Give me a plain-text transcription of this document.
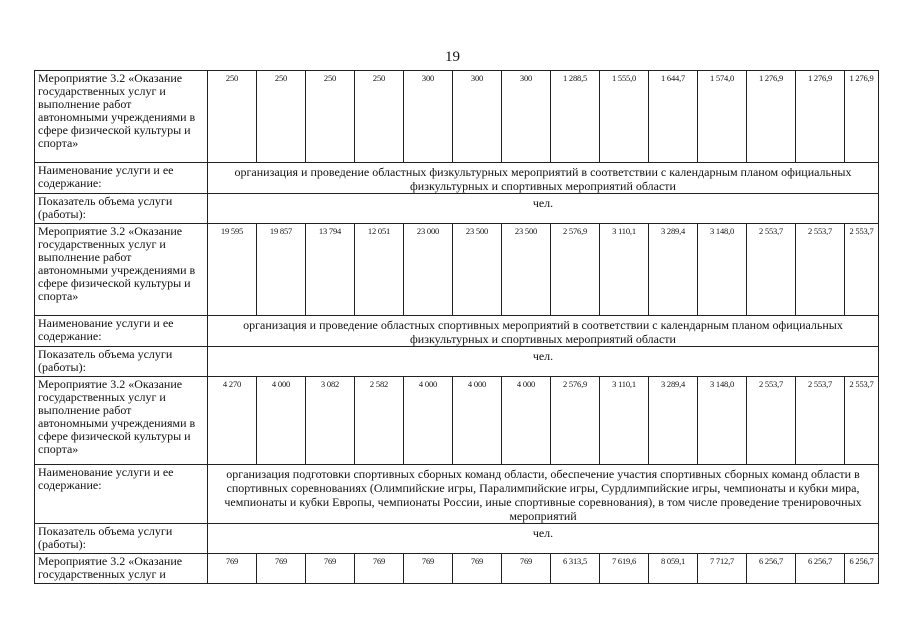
19
Мероприятие 3.2 «Оказание государственных услуг и выполнение работ автономными учреждениями в сфере физической культуры и спорта»	250	250	250	250	300	300	300	1 288,5	1 555,0	1 644,7	1 574,0	1 276,9	1 276,9	1 276,9
Наименование услуги и ее содержание:	организация и проведение областных физкультурных мероприятий в соответствии с календарным планом официальных физкультурных и спортивных мероприятий области													
Показатель объема услуги (работы):	чел.													
Мероприятие 3.2 «Оказание государственных услуг и выполнение работ автономными учреждениями в сфере физической культуры и спорта»	19 595	19 857	13 794	12 051	23 000	23 500	23 500	2 576,9	3 110,1	3 289,4	3 148,0	2 553,7	2 553,7	2 553,7
Наименование услуги и ее содержание:	организация и проведение областных спортивных мероприятий в соответствии с календарным планом официальных физкультурных и спортивных мероприятий области													
Показатель объема услуги (работы):	чел.													
Мероприятие 3.2 «Оказание государственных услуг и выполнение работ автономными учреждениями в сфере физической культуры и спорта»	4 270	4 000	3 082	2 582	4 000	4 000	4 000	2 576,9	3 110,1	3 289,4	3 148,0	2 553,7	2 553,7	2 553,7
Наименование услуги и ее содержание:	организация подготовки спортивных сборных команд области, обеспечение участия спортивных сборных команд области в спортивных соревнованиях (Олимпийские игры, Паралимпийские игры, Сурдлимпийские игры, чемпионаты и кубки мира, чемпионаты и кубки Европы, чемпионаты России, иные спортивные соревнования), в том числе проведение тренировочных мероприятий													
Показатель объема услуги (работы):	чел.													
Мероприятие 3.2 «Оказание государственных услуг и	769	769	769	769	769	769	769	6 313,5	7 619,6	8 059,1	7 712,7	6 256,7	6 256,7	6 256,7
